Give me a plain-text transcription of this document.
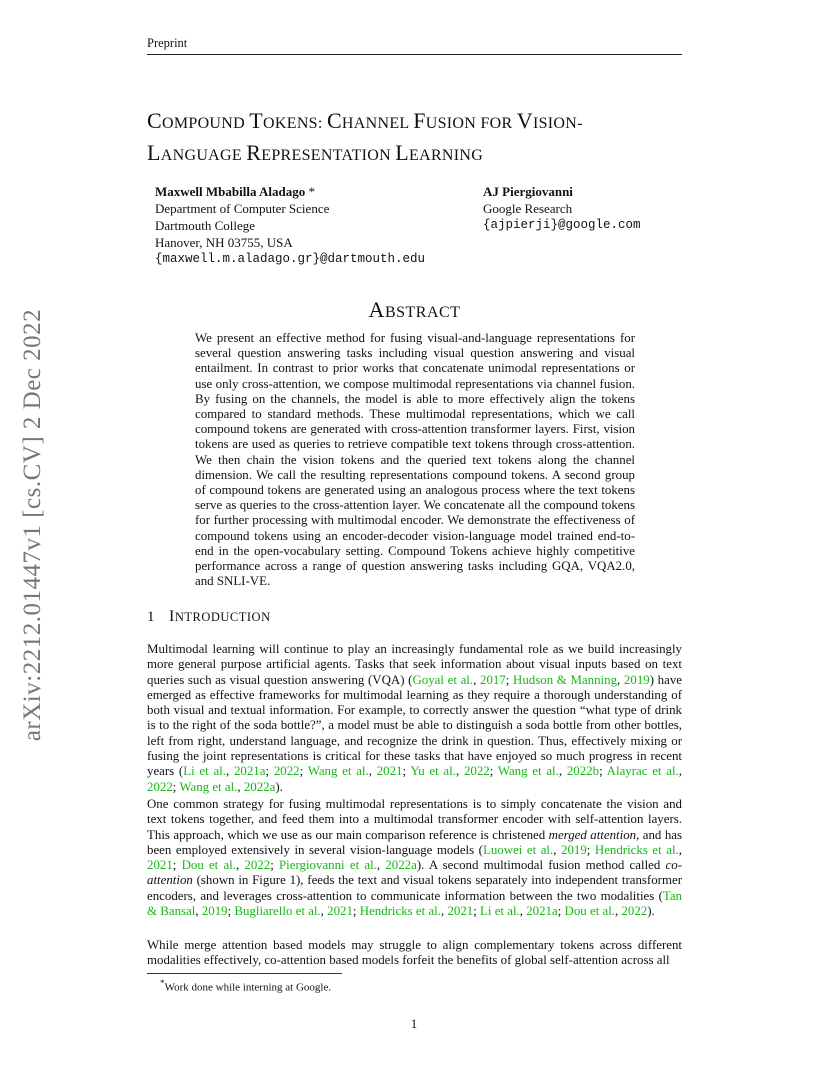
Preprint
arXiv:2212.01447v1 [cs.CV] 2 Dec 2022
COMPOUND TOKENS: CHANNEL FUSION FOR VISION-
LANGUAGE REPRESENTATION LEARNING
Maxwell Mbabilla Aladago *
Department of Computer Science
Dartmouth College
Hanover, NH 03755, USA
{maxwell.m.aladago.gr}@dartmouth.edu
AJ Piergiovanni
Google Research
{ajpierji}@google.com
ABSTRACT
We present an effective method for fusing visual-and-language representations for several question answering tasks including visual question answering and visual entailment. In contrast to prior works that concatenate unimodal representations or use only cross-attention, we compose multimodal representations via channel fusion. By fusing on the channels, the model is able to more effectively align the tokens compared to standard methods. These multimodal representations, which we call compound tokens are generated with cross-attention transformer layers. First, vision tokens are used as queries to retrieve compatible text tokens through cross-attention. We then chain the vision tokens and the queried text tokens along the channel dimension. We call the resulting representations compound tokens. A second group of compound tokens are generated using an analogous process where the text tokens serve as queries to the cross-attention layer. We concatenate all the compound tokens for further processing with multimodal encoder. We demonstrate the effectiveness of compound tokens using an encoder-decoder vision-language model trained end-to-end in the open-vocabulary setting. Compound Tokens achieve highly competitive performance across a range of question answering tasks including GQA, VQA2.0, and SNLI-VE.
1 INTRODUCTION
Multimodal learning will continue to play an increasingly fundamental role as we build increasingly more general purpose artificial agents. Tasks that seek information about visual inputs based on text queries such as visual question answering (VQA) (Goyal et al., 2017; Hudson & Manning, 2019) have emerged as effective frameworks for multimodal learning as they require a thorough understanding of both visual and textual information. For example, to correctly answer the question “what type of drink is to the right of the soda bottle?”, a model must be able to distinguish a soda bottle from other bottles, left from right, understand language, and recognize the drink in question. Thus, effectively mixing or fusing the joint representations is critical for these tasks that have enjoyed so much progress in recent years (Li et al., 2021a; 2022; Wang et al., 2021; Yu et al., 2022; Wang et al., 2022b; Alayrac et al., 2022; Wang et al., 2022a).
One common strategy for fusing multimodal representations is to simply concatenate the vision and text tokens together, and feed them into a multimodal transformer encoder with self-attention layers. This approach, which we use as our main comparison reference is christened merged attention, and has been employed extensively in several vision-language models (Luowei et al., 2019; Hendricks et al., 2021; Dou et al., 2022; Piergiovanni et al., 2022a). A second multimodal fusion method called co-attention (shown in Figure 1), feeds the text and visual tokens separately into independent transformer encoders, and leverages cross-attention to communicate information between the two modalities (Tan & Bansal, 2019; Bugliarello et al., 2021; Hendricks et al., 2021; Li et al., 2021a; Dou et al., 2022).
While merge attention based models may struggle to align complementary tokens across different modalities effectively, co-attention based models forfeit the benefits of global self-attention across all
*Work done while interning at Google.
1
